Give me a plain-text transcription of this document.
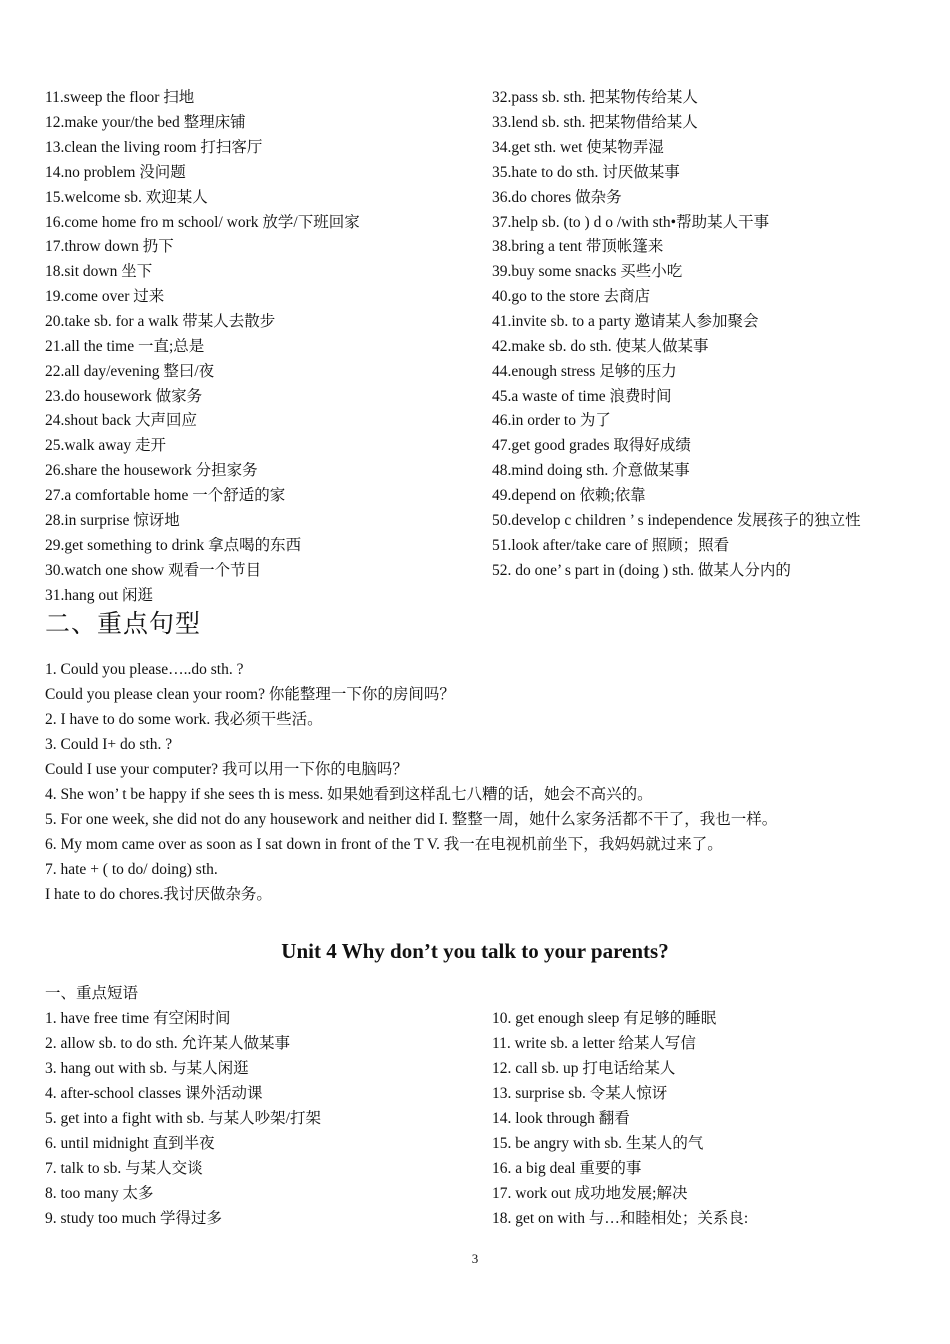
11.sweep the floor 扫地
12.make your/the bed 整理床铺
13.clean the living room 打扫客厅
14.no problem 没问题
15.welcome sb. 欢迎某人
16.come home fro m school/ work 放学/下班回家
17.throw down 扔下
18.sit down 坐下
19.come over 过来
20.take sb. for a walk 带某人去散步
21.all the time 一直;总是
22.all day/evening 整曰/夜
23.do housework 做家务
24.shout back 大声回应
25.walk away 走开
26.share the housework 分担家务
27.a comfortable home 一个舒适的家
28.in surprise 惊讶地
29.get something to drink 拿点喝的东西
30.watch one show 观看一个节目
31.hang out 闲逛
32.pass sb. sth. 把某物传给某人
33.lend sb. sth. 把某物借给某人
34.get sth. wet 使某物弄湿
35.hate to do sth. 讨厌做某事
36.do chores 做杂务
37.help sb. (to ) d o /with sth•帮助某人干事
38.bring a tent 带顶帐篷来
39.buy some snacks 买些小吃
40.go to the store 去商店
41.invite sb. to a party 邀请某人参加聚会
42.make sb. do sth. 使某人做某事
44.enough stress 足够的压力
45.a waste of time 浪费时间
46.in order to 为了
47.get good grades 取得好成绩
48.mind doing sth. 介意做某事
49.depend on 依赖;依靠
50.develop c children ’ s independence 发展孩子的独立性
51.look after/take care of 照顾；照看
52. do one’ s part in (doing ) sth. 做某人分内的
二、重点句型
1. Could you please…..do sth. ?
Could you please clean your room? 你能整理一下你的房间吗？
2. I have to do some work. 我必须干些活。
3. Could I+ do sth. ?
Could I use your computer? 我可以用一下你的电脑吗？
4. She won’ t be happy if she sees th is mess. 如果她看到这样乱七八糟的话，她会不高兴的。
5. For one week, she did not do any housework and neither did I. 整整一周，她什么家务活都不干了，我也一样。
6. My mom came over as soon as I sat down in front of the T V. 我一在电视机前坐下，我妈妈就过来了。
7. hate + ( to do/ doing) sth.
I hate to do chores.我讨厌做杂务。
Unit 4 Why don’t you talk to your parents?
一、重点短语
1. have free time 有空闲时间
2. allow sb. to do sth. 允许某人做某事
3. hang out with sb. 与某人闲逛
4. after-school classes 课外活动课
5. get into a fight with sb. 与某人吵架/打架
6. until midnight 直到半夜
7. talk to sb. 与某人交谈
8. too many 太多
9. study too much 学得过多
10. get enough sleep 有足够的睡眠
11. write sb. a letter 给某人写信
12. call sb. up 打电话给某人
13. surprise sb. 令某人惊讶
14. look through 翻看
15. be angry with sb. 生某人的气
16. a big deal 重要的事
17. work out 成功地发展;解决
18. get on with 与…和睦相处；关系良:
3
